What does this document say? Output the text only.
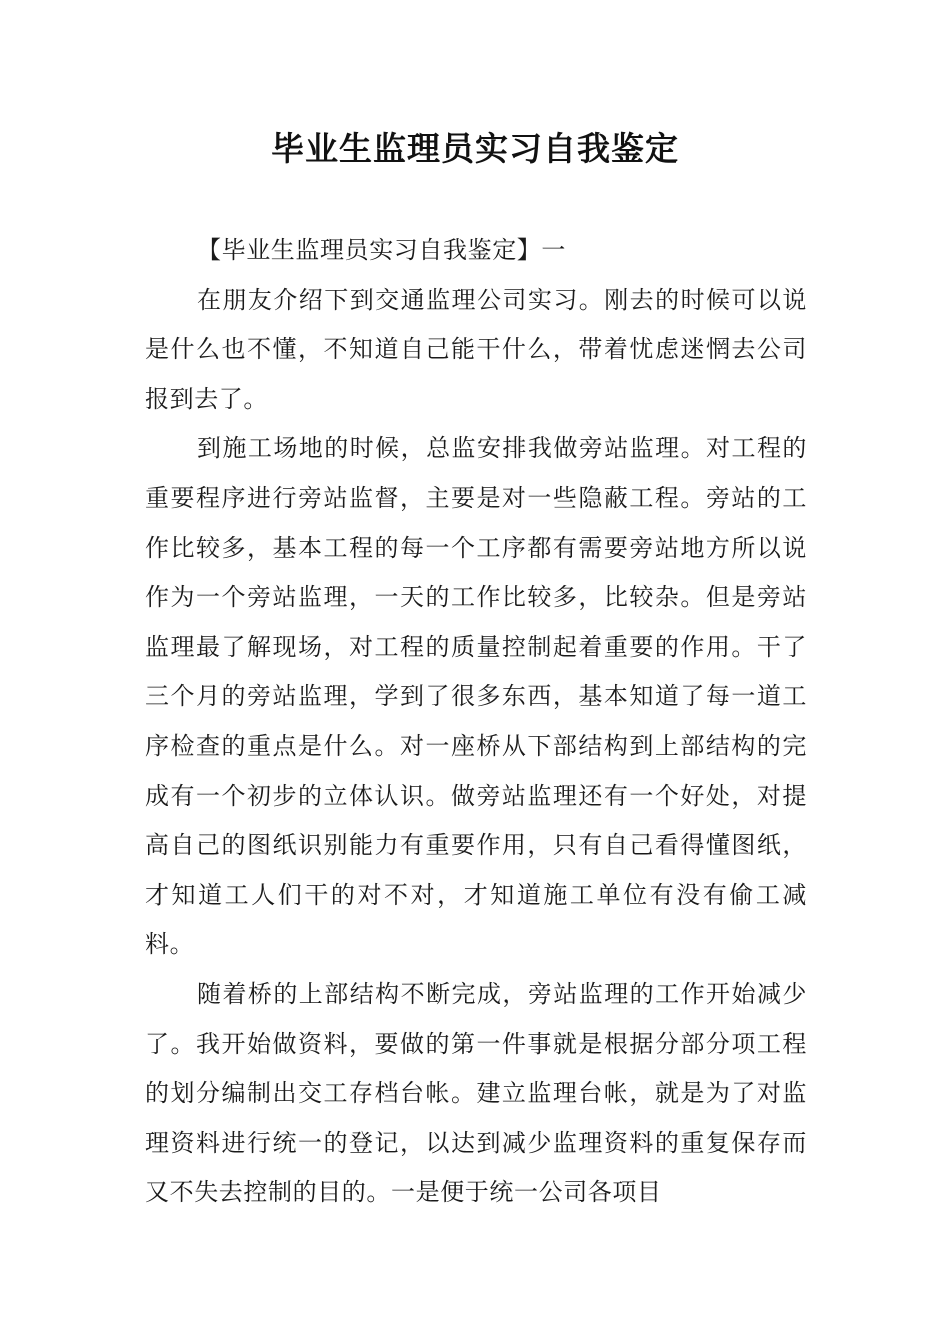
毕业生监理员实习自我鉴定

【毕业生监理员实习自我鉴定】一

在朋友介绍下到交通监理公司实习。刚去的时候可以说是什么也不懂，不知道自己能干什么，带着忧虑迷惘去公司报到去了。

到施工场地的时候，总监安排我做旁站监理。对工程的重要程序进行旁站监督，主要是对一些隐蔽工程。旁站的工作比较多，基本工程的每一个工序都有需要旁站地方所以说作为一个旁站监理，一天的工作比较多，比较杂。但是旁站监理最了解现场，对工程的质量控制起着重要的作用。干了三个月的旁站监理，学到了很多东西，基本知道了每一道工序检查的重点是什么。对一座桥从下部结构到上部结构的完成有一个初步的立体认识。做旁站监理还有一个好处，对提高自己的图纸识别能力有重要作用，只有自己看得懂图纸，才知道工人们干的对不对，才知道施工单位有没有偷工减料。

随着桥的上部结构不断完成，旁站监理的工作开始减少了。我开始做资料，要做的第一件事就是根据分部分项工程的划分编制出交工存档台帐。建立监理台帐，就是为了对监理资料进行统一的登记，以达到减少监理资料的重复保存而又不失去控制的目的。一是便于统一公司各项目
